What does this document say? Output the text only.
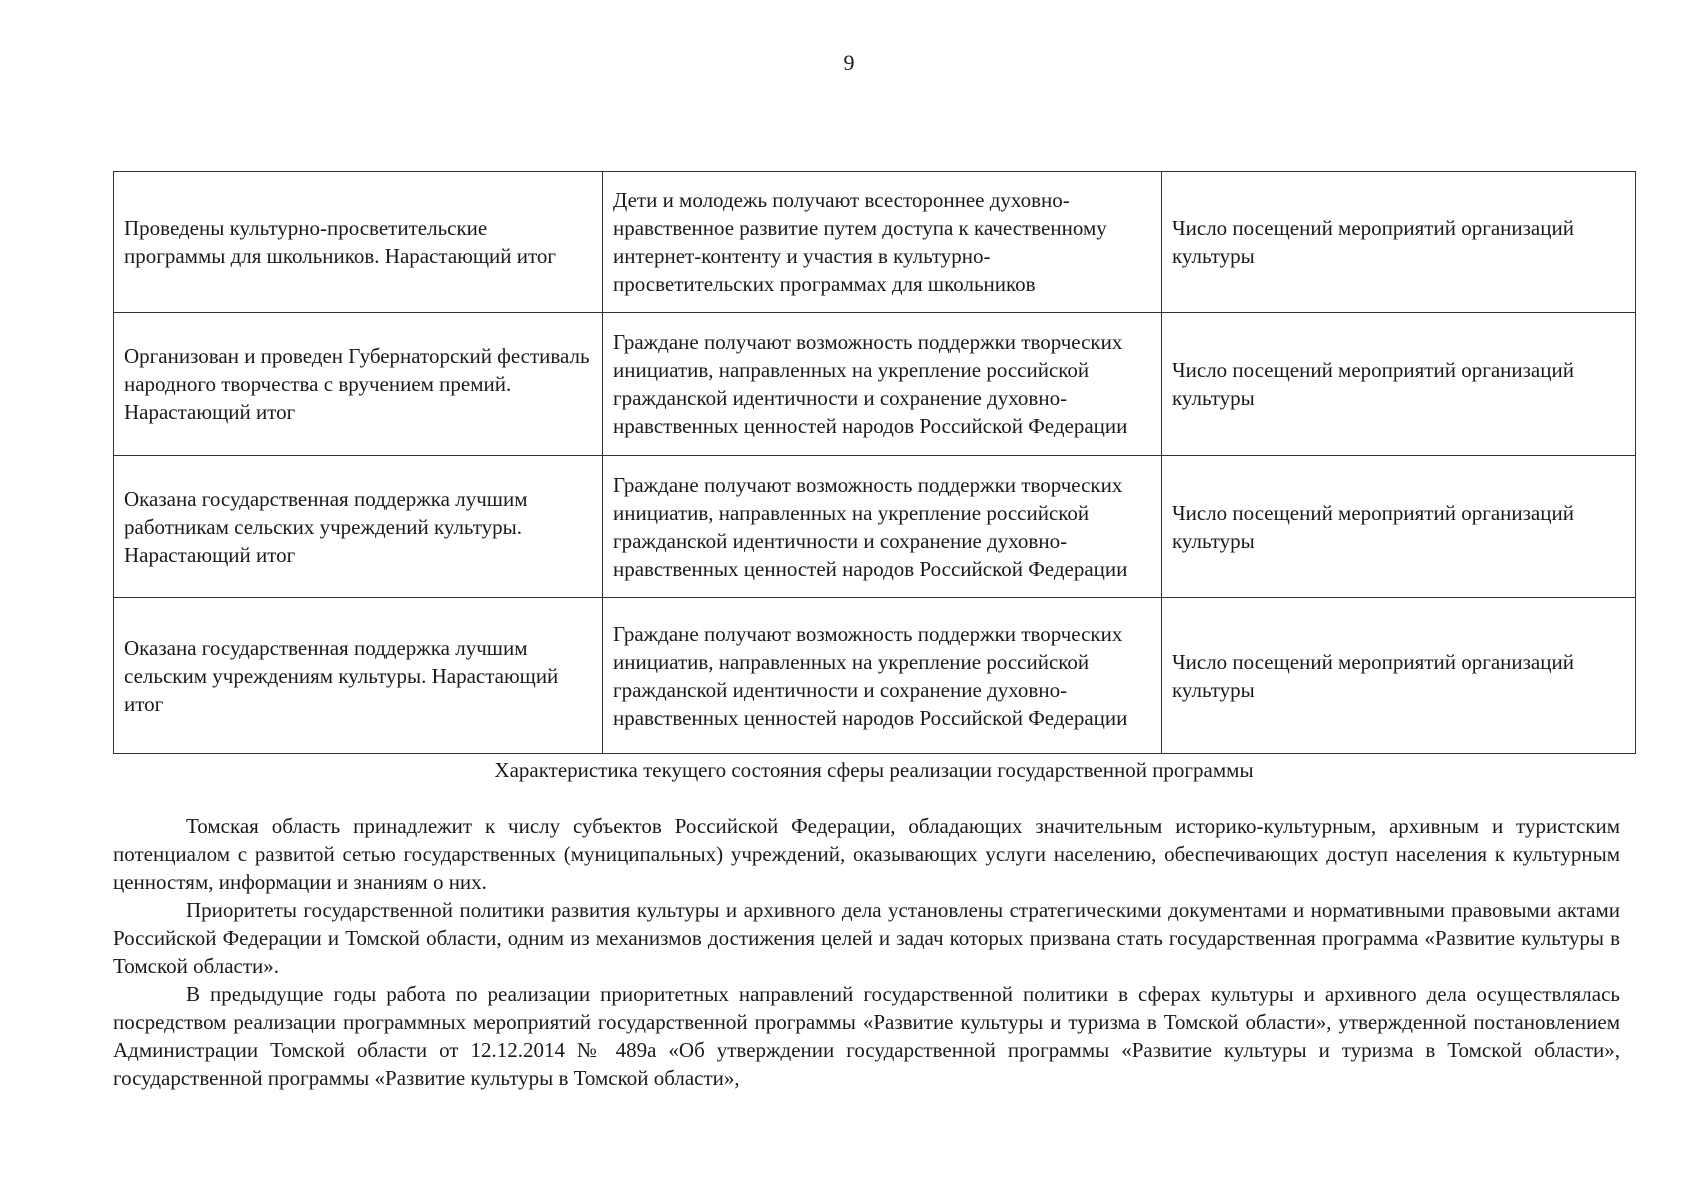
9
Проведены культурно-просветительские программы для школьников. Нарастающий итог	Дети и молодежь получают всестороннее духовно-нравственное развитие путем доступа к качественному интернет-контенту и участия в культурно-просветительских программах для школьников	Число посещений мероприятий организаций культуры
Организован и проведен Губернаторский фестиваль народного творчества с вручением премий. Нарастающий итог	Граждане получают возможность поддержки творческих инициатив, направленных на укрепление российской гражданской идентичности и сохранение духовно-нравственных ценностей народов Российской Федерации	Число посещений мероприятий организаций культуры
Оказана государственная поддержка лучшим работникам сельских учреждений культуры. Нарастающий итог	Граждане получают возможность поддержки творческих инициатив, направленных на укрепление российской гражданской идентичности и сохранение духовно-нравственных ценностей народов Российской Федерации	Число посещений мероприятий организаций культуры
Оказана государственная поддержка лучшим сельским учреждениям культуры. Нарастающий итог	Граждане получают возможность поддержки творческих инициатив, направленных на укрепление российской гражданской идентичности и сохранение духовно-нравственных ценностей народов Российской Федерации	Число посещений мероприятий организаций культуры
Характеристика текущего состояния сферы реализации государственной программы

Томская область принадлежит к числу субъектов Российской Федерации, обладающих значительным историко-культурным, архивным и туристским потенциалом с развитой сетью государственных (муниципальных) учреждений, оказывающих услуги населению, обеспечивающих доступ населения к культурным ценностям, информации и знаниям о них.

Приоритеты государственной политики развития культуры и архивного дела установлены стратегическими документами и нормативными правовыми актами Российской Федерации и Томской области, одним из механизмов достижения целей и задач которых призвана стать государственная программа «Развитие культуры в Томской области».

В предыдущие годы работа по реализации приоритетных направлений государственной политики в сферах культуры и архивного дела осуществлялась посредством реализации программных мероприятий государственной программы «Развитие культуры и туризма в Томской области», утвержденной постановлением Администрации Томской области от 12.12.2014 № 489а «Об утверждении государственной программы «Развитие культуры и туризма в Томской области», государственной программы «Развитие культуры в Томской области»,
